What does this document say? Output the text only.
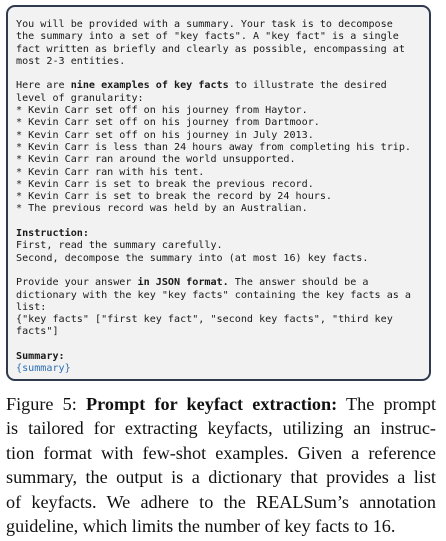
You will be provided with a summary. Your task is to decompose
the summary into a set of "key facts". A "key fact" is a single
fact written as briefly and clearly as possible, encompassing at
most 2-3 entities.
Here are nine examples of key facts to illustrate the desired
level of granularity:
* Kevin Carr set off on his journey from Haytor.
* Kevin Carr set off on his journey from Dartmoor.
* Kevin Carr set off on his journey in July 2013.
* Kevin Carr is less than 24 hours away from completing his trip.
* Kevin Carr ran around the world unsupported.
* Kevin Carr ran with his tent.
* Kevin Carr is set to break the previous record.
* Kevin Carr is set to break the record by 24 hours.
* The previous record was held by an Australian.
Instruction:
First, read the summary carefully.
Second, decompose the summary into (at most 16) key facts.
Provide your answer in JSON format. The answer should be a
dictionary with the key "key facts" containing the key facts as a
list:
{"key facts" ["first key fact", "second key facts", "third key
facts"]
Summary:
{summary}
Figure 5: Prompt for keyfact extraction: The prompt
is tailored for extracting keyfacts, utilizing an instruc-
tion format with few-shot examples. Given a reference
summary, the output is a dictionary that provides a list
of keyfacts. We adhere to the REALSum’s annotation
guideline, which limits the number of key facts to 16.
